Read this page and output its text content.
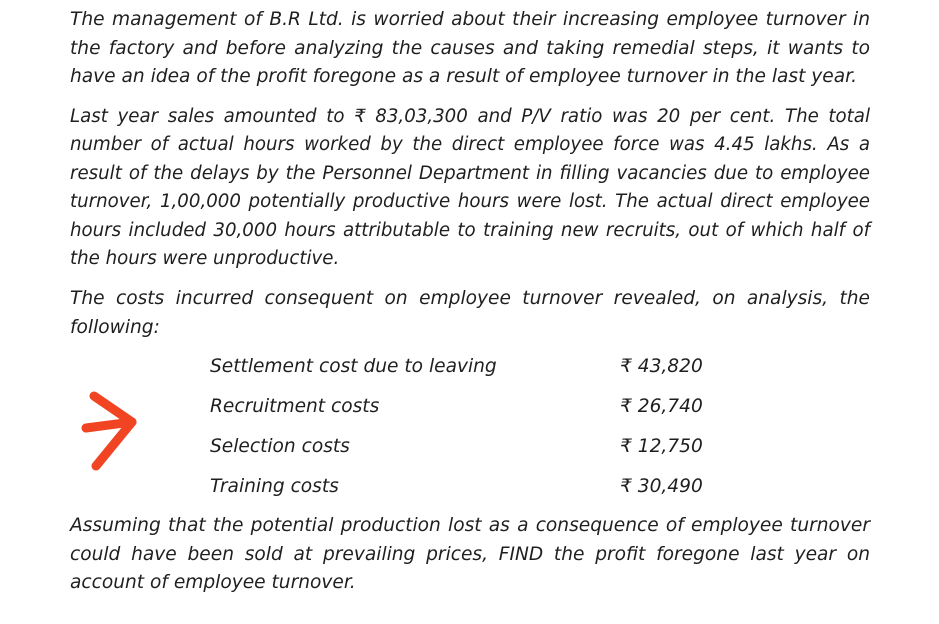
The management of B.R Ltd. is worried about their increasing employee turnover in the factory and before analyzing the causes and taking remedial steps, it wants to have an idea of the profit foregone as a result of employee turnover in the last year.

Last year sales amounted to ₹ 83,03,300 and P/V ratio was 20 per cent. The total number of actual hours worked by the direct employee force was 4.45 lakhs. As a result of the delays by the Personnel Department in filling vacancies due to employee turnover, 1,00,000 potentially productive hours were lost. The actual direct employee hours included 30,000 hours attributable to training new recruits, out of which half of the hours were unproductive.

The costs incurred consequent on employee turnover revealed, on analysis, the following:

Settlement cost due to leaving	₹ 43,820
Recruitment costs	₹ 26,740
Selection costs	₹ 12,750
Training costs	₹ 30,490

Assuming that the potential production lost as a consequence of employee turnover could have been sold at prevailing prices, FIND the profit foregone last year on account of employee turnover.
